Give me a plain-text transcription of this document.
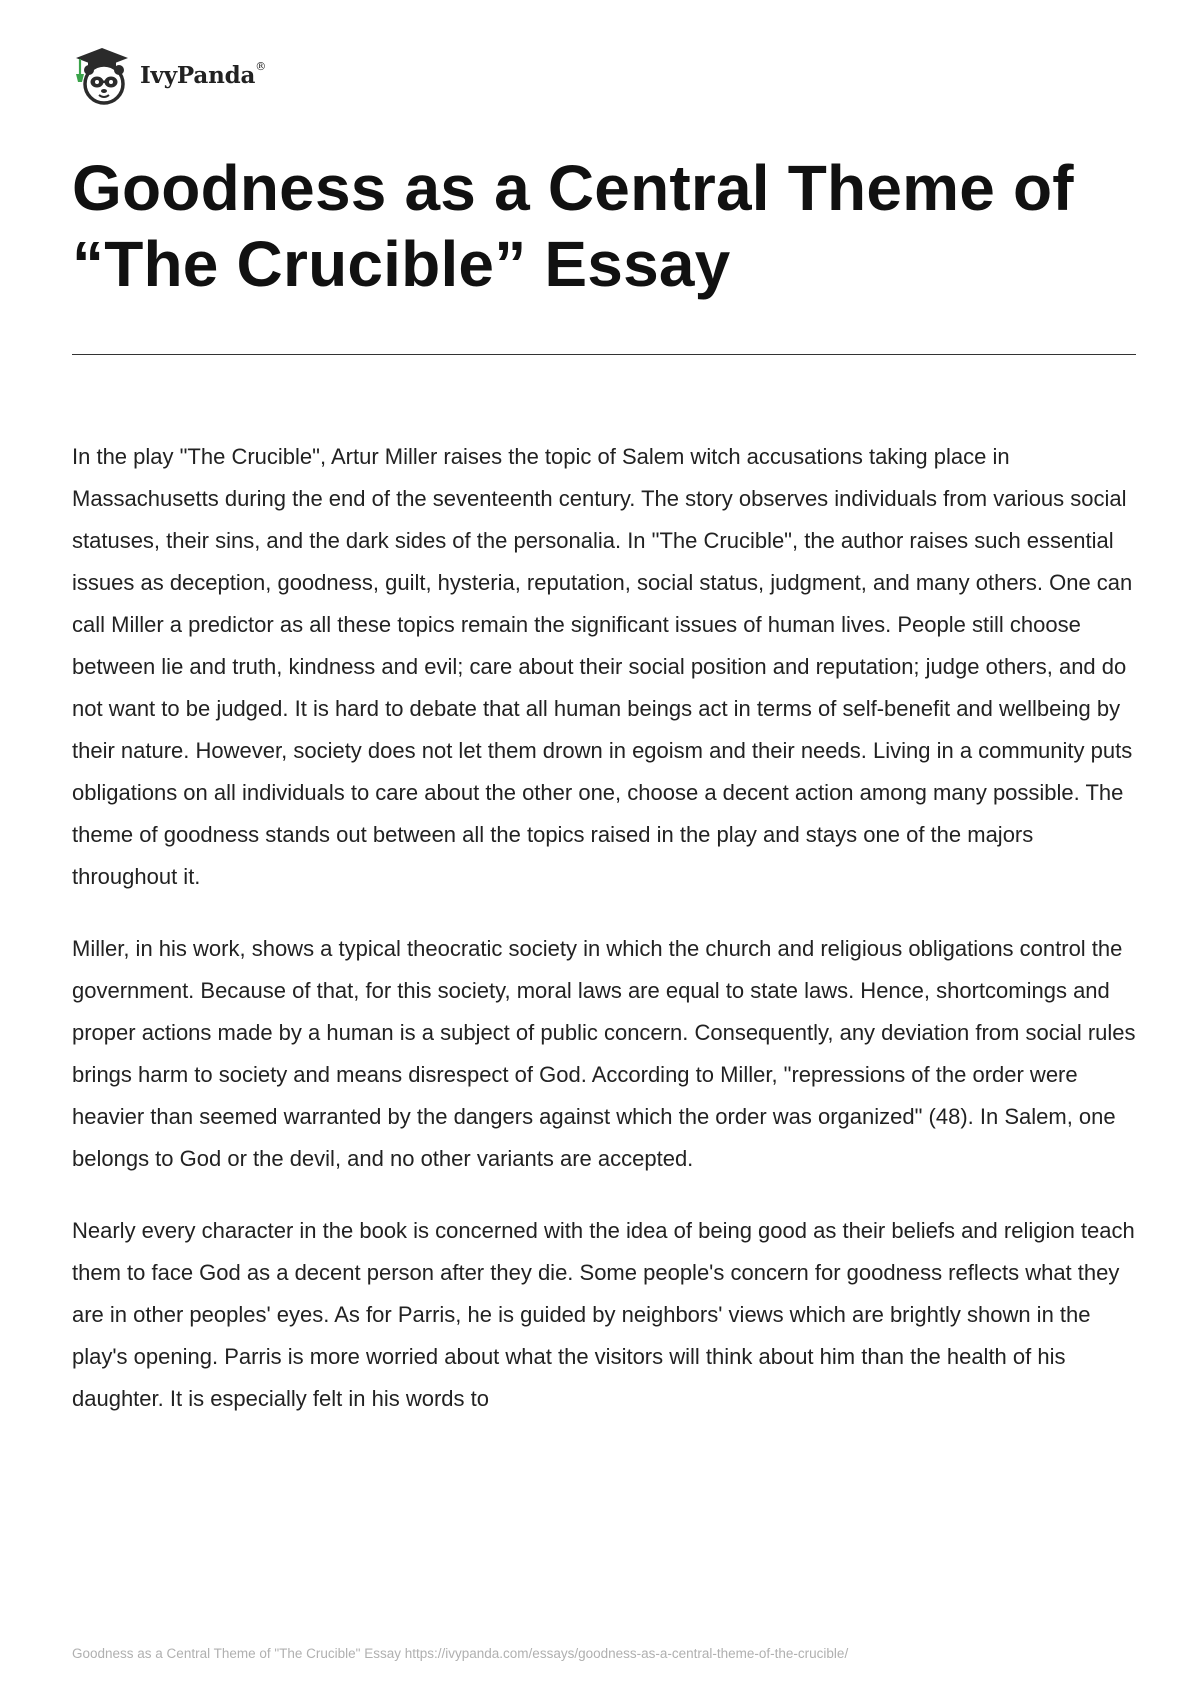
IvyPanda®
Goodness as a Central Theme of “The Crucible” Essay

In the play "The Crucible", Artur Miller raises the topic of Salem witch accusations taking place in Massachusetts during the end of the seventeenth century. The story observes individuals from various social statuses, their sins, and the dark sides of the personalia. In "The Crucible", the author raises such essential issues as deception, goodness, guilt, hysteria, reputation, social status, judgment, and many others. One can call Miller a predictor as all these topics remain the significant issues of human lives. People still choose between lie and truth, kindness and evil; care about their social position and reputation; judge others, and do not want to be judged. It is hard to debate that all human beings act in terms of self-benefit and wellbeing by their nature. However, society does not let them drown in egoism and their needs. Living in a community puts obligations on all individuals to care about the other one, choose a decent action among many possible. The theme of goodness stands out between all the topics raised in the play and stays one of the majors throughout it.

Miller, in his work, shows a typical theocratic society in which the church and religious obligations control the government. Because of that, for this society, moral laws are equal to state laws. Hence, shortcomings and proper actions made by a human is a subject of public concern. Consequently, any deviation from social rules brings harm to society and means disrespect of God. According to Miller, "repressions of the order were heavier than seemed warranted by the dangers against which the order was organized" (48). In Salem, one belongs to God or the devil, and no other variants are accepted.

Nearly every character in the book is concerned with the idea of being good as their beliefs and religion teach them to face God as a decent person after they die. Some people's concern for goodness reflects what they are in other peoples' eyes. As for Parris, he is guided by neighbors' views which are brightly shown in the play's opening. Parris is more worried about what the visitors will think about him than the health of his daughter. It is especially felt in his words to

Goodness as a Central Theme of "The Crucible" Essay https://ivypanda.com/essays/goodness-as-a-central-theme-of-the-crucible/
